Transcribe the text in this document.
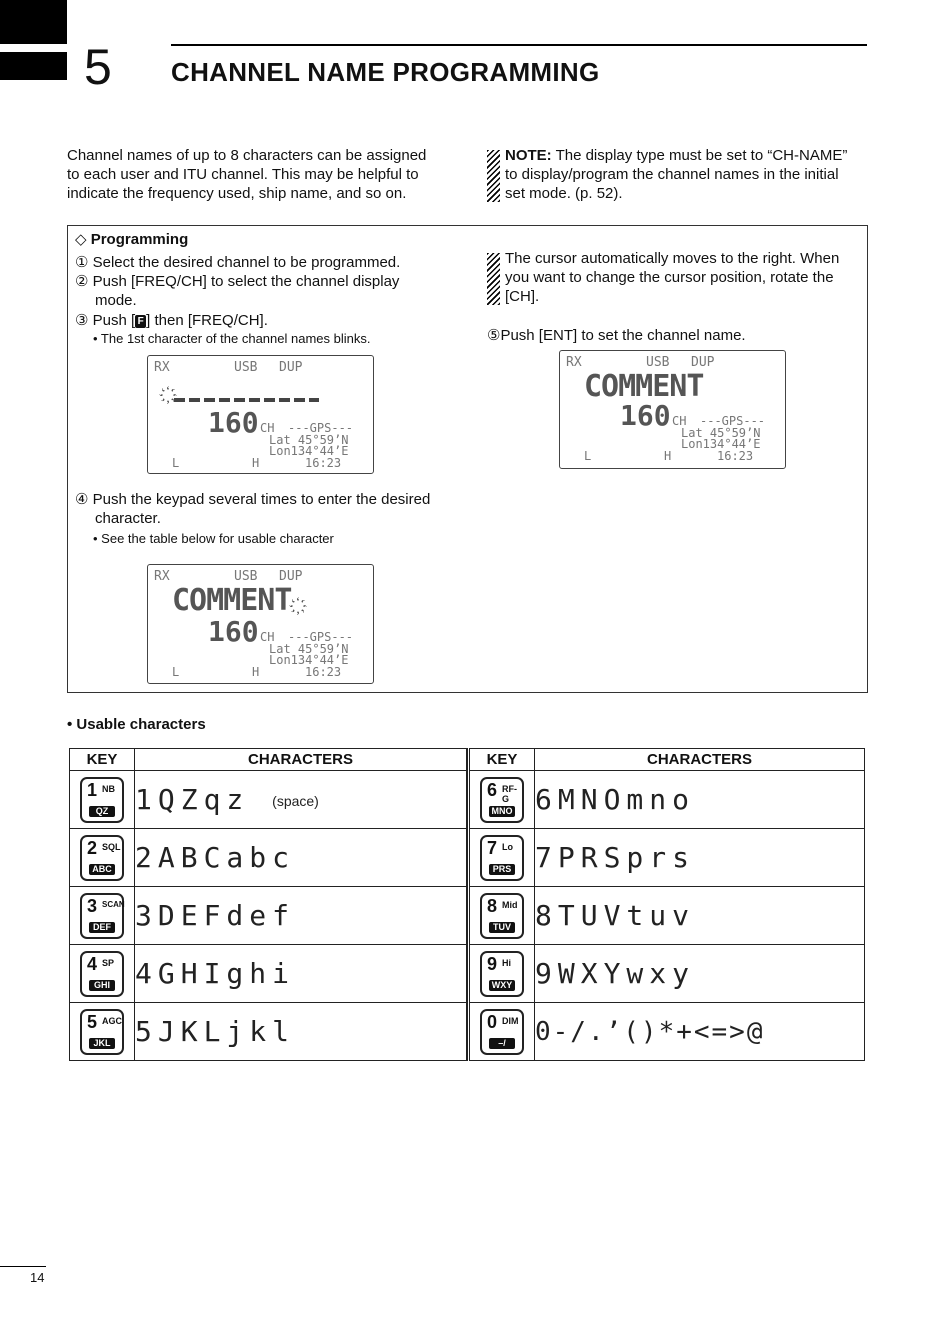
5 CHANNEL NAME PROGRAMMING
Channel names of up to 8 characters can be assigned
to each user and ITU channel. This may be helpful to
indicate the frequency used, ship name, and so on.
NOTE: The display type must be set to “CH-NAME”
to display/program the channel names in the initial
set mode. (p. 52).
◇ Programming
① Select the desired channel to be programmed.
② Push [FREQ/CH] to select the channel display
mode.
③ Push [ F ] then [FREQ/CH].
• The 1st character of the channel names blinks.
RX	USB DUP
160 CH ---GPS---
Lat 45°59’N
Lon134°44’E
L	H	16:23
④ Push the keypad several times to enter the desired
character.
• See the table below for usable character
RX	USB DUP
COMMENT
160 CH ---GPS---
Lat 45°59’N
Lon134°44’E
L	H	16:23
The cursor automatically moves to the right. When
you want to change the cursor position, rotate the
[CH].
⑤Push [ENT] to set the channel name.
RX	USB DUP
COMMENT
160 CH ---GPS---
Lat 45°59’N
Lon134°44’E
L	H	16:23
• Usable characters
KEY	CHARACTERS

1 NB
QZ	1QZqz (space)

2 SQL
ABC	2ABCabc

3 SCAN
DEF	3DEFdef

4 SP
GHI	4GHIghi

5 AGC
JKL	5JKLjkl
KEY	CHARACTERS

6 RF-G
MNO	6MNOmno

7 Lo
PRS	7PRSprs

8 Mid
TUV	8TUVtuv

9 Hi
WXY	9WXYwxy

0 DIM
–/	0-/.’()*+<=>@
14
